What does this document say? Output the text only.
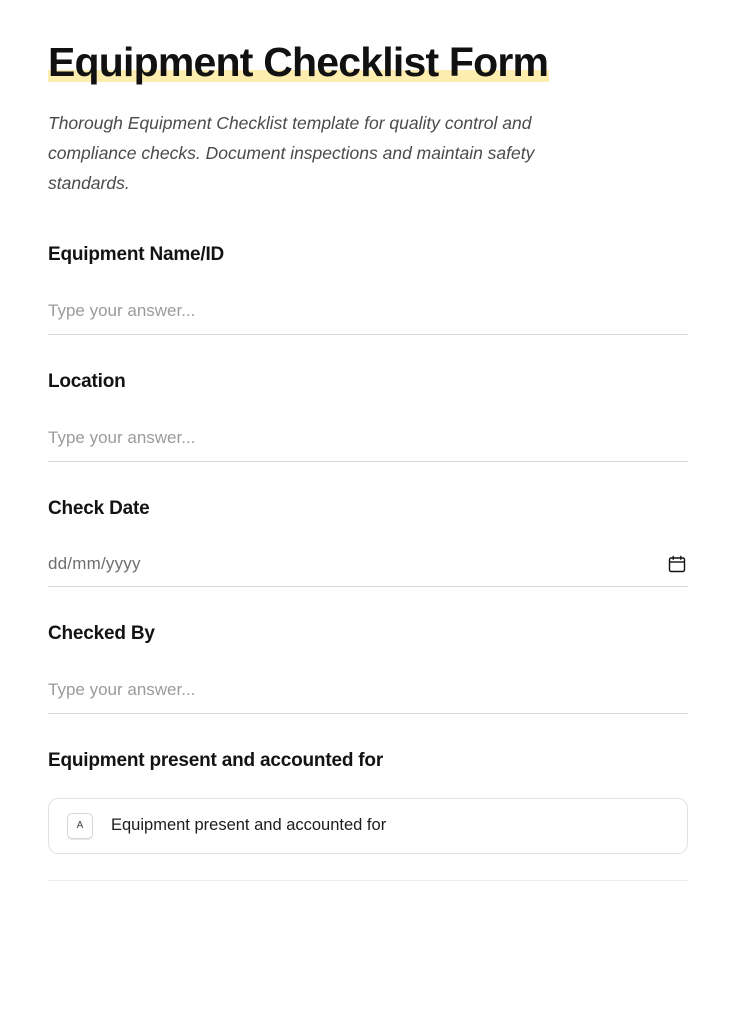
Equipment Checklist Form

Thorough Equipment Checklist template for quality control and compliance checks. Document inspections and maintain safety standards.

Equipment Name/ID
Type your answer...
Location
Type your answer...
Check Date
dd/mm/yyyy
Checked By
Type your answer...
Equipment present and accounted for
A	Equipment present and accounted for
